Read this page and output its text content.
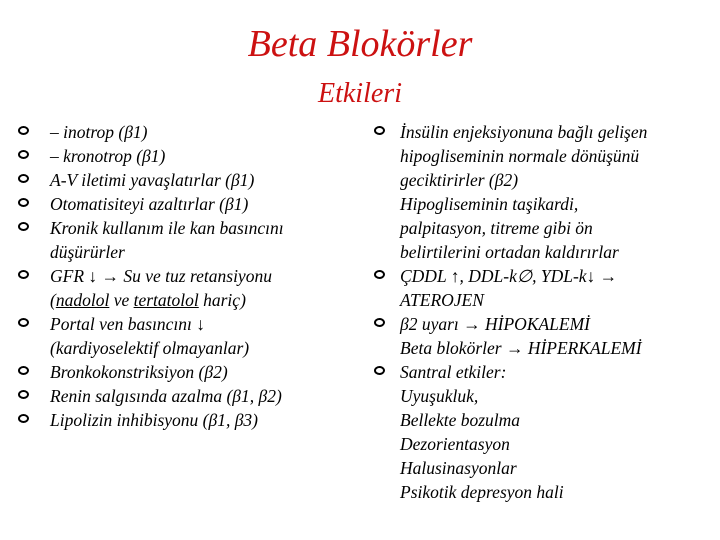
Beta Blokörler
Etkileri
– inotrop (β1)
– kronotrop (β1)
A-V iletimi yavaşlatırlar (β1)
Otomatisiteyi azaltırlar (β1)
Kronik kullanım ile kan basıncını
düşürürler
GFR ↓ → Su ve tuz retansiyonu
(nadolol ve tertatolol hariç)
Portal ven basıncını ↓
(kardiyoselektif olmayanlar)
Bronkokonstriksiyon (β2)
Renin salgısında azalma (β1, β2)
Lipolizin inhibisyonu (β1, β3)
İnsülin enjeksiyonuna bağlı gelişen
hipogliseminin normale dönüşünü
geciktirirler (β2)
Hipogliseminin taşikardi,
palpitasyon, titreme gibi ön
belirtilerini ortadan kaldırırlar
ÇDDL ↑, DDL-k∅, YDL-k↓ →
ATEROJEN
β2 uyarı → HİPOKALEMİ
Beta blokörler → HİPERKALEMİ
Santral etkiler:
Uyuşukluk,
Bellekte bozulma
Dezorientasyon
Halusinasyonlar
Psikotik depresyon hali
